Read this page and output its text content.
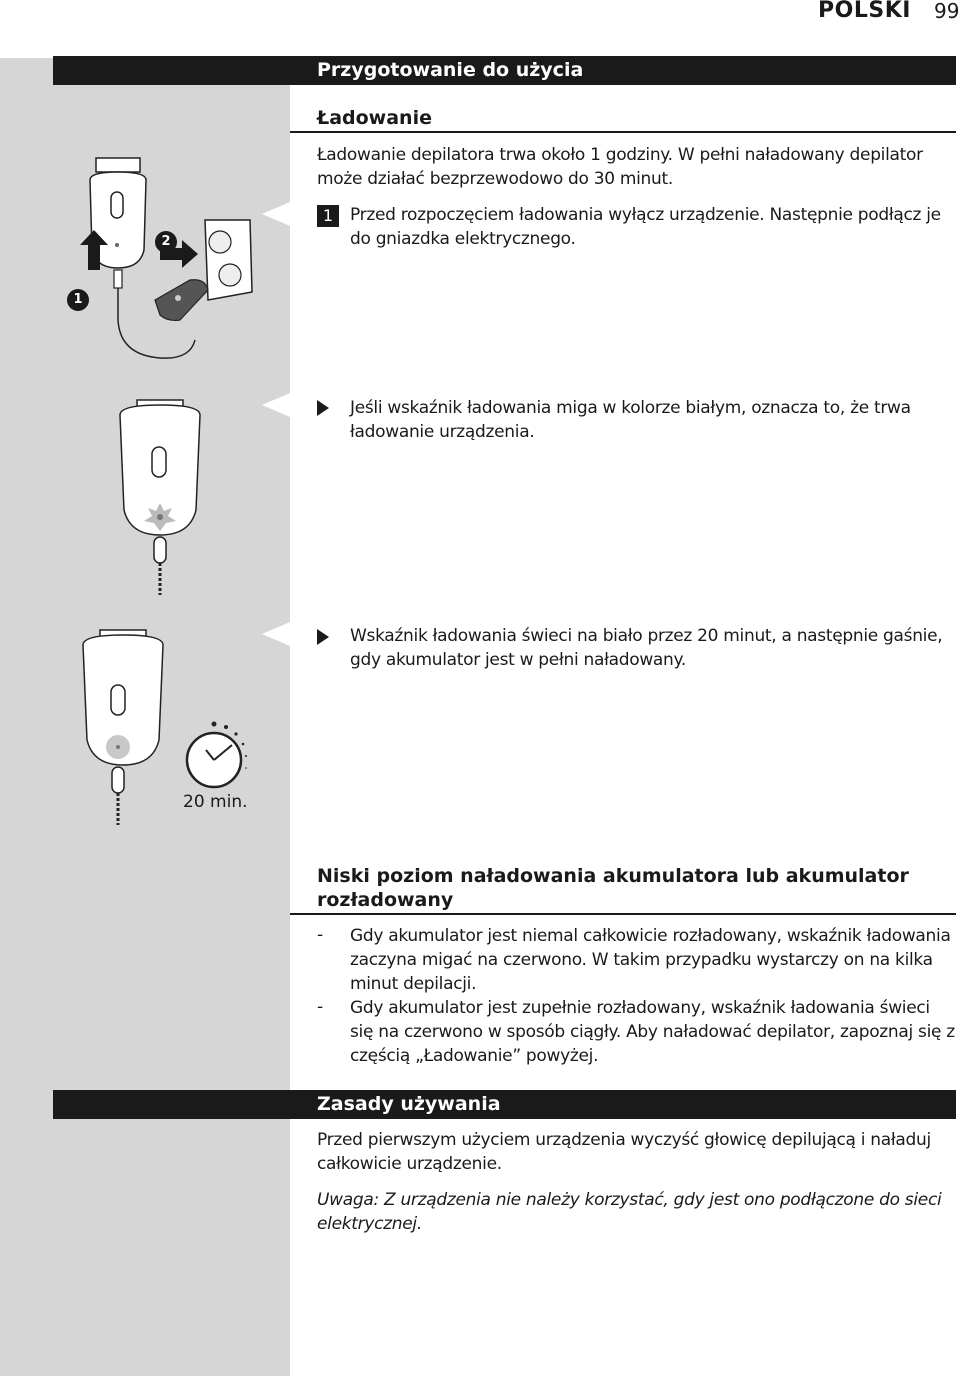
POLSKI 99
Przygotowanie do użycia
Ładowanie
Ładowanie depilatora trwa około 1 godziny. W pełni naładowany depilator może działać bezprzewodowo do 30 minut.
1 Przed rozpoczęciem ładowania wyłącz urządzenie. Następnie podłącz je do gniazdka elektrycznego.
Jeśli wskaźnik ładowania miga w kolorze białym, oznacza to, że trwa ładowanie urządzenia.
Wskaźnik ładowania świeci na biało przez 20 minut, a następnie gaśnie, gdy akumulator jest w pełni naładowany.
2
1
20 min.
Niski poziom naładowania akumulatora lub akumulator rozładowany
- Gdy akumulator jest niemal całkowicie rozładowany, wskaźnik ładowania zaczyna migać na czerwono. W takim przypadku wystarczy on na kilka minut depilacji.
- Gdy akumulator jest zupełnie rozładowany, wskaźnik ładowania świeci się na czerwono w sposób ciągły. Aby naładować depilator, zapoznaj się z częścią „Ładowanie” powyżej.
Zasady używania
Przed pierwszym użyciem urządzenia wyczyść głowicę depilującą i naładuj całkowicie urządzenie.
Uwaga: Z urządzenia nie należy korzystać, gdy jest ono podłączone do sieci elektrycznej.
